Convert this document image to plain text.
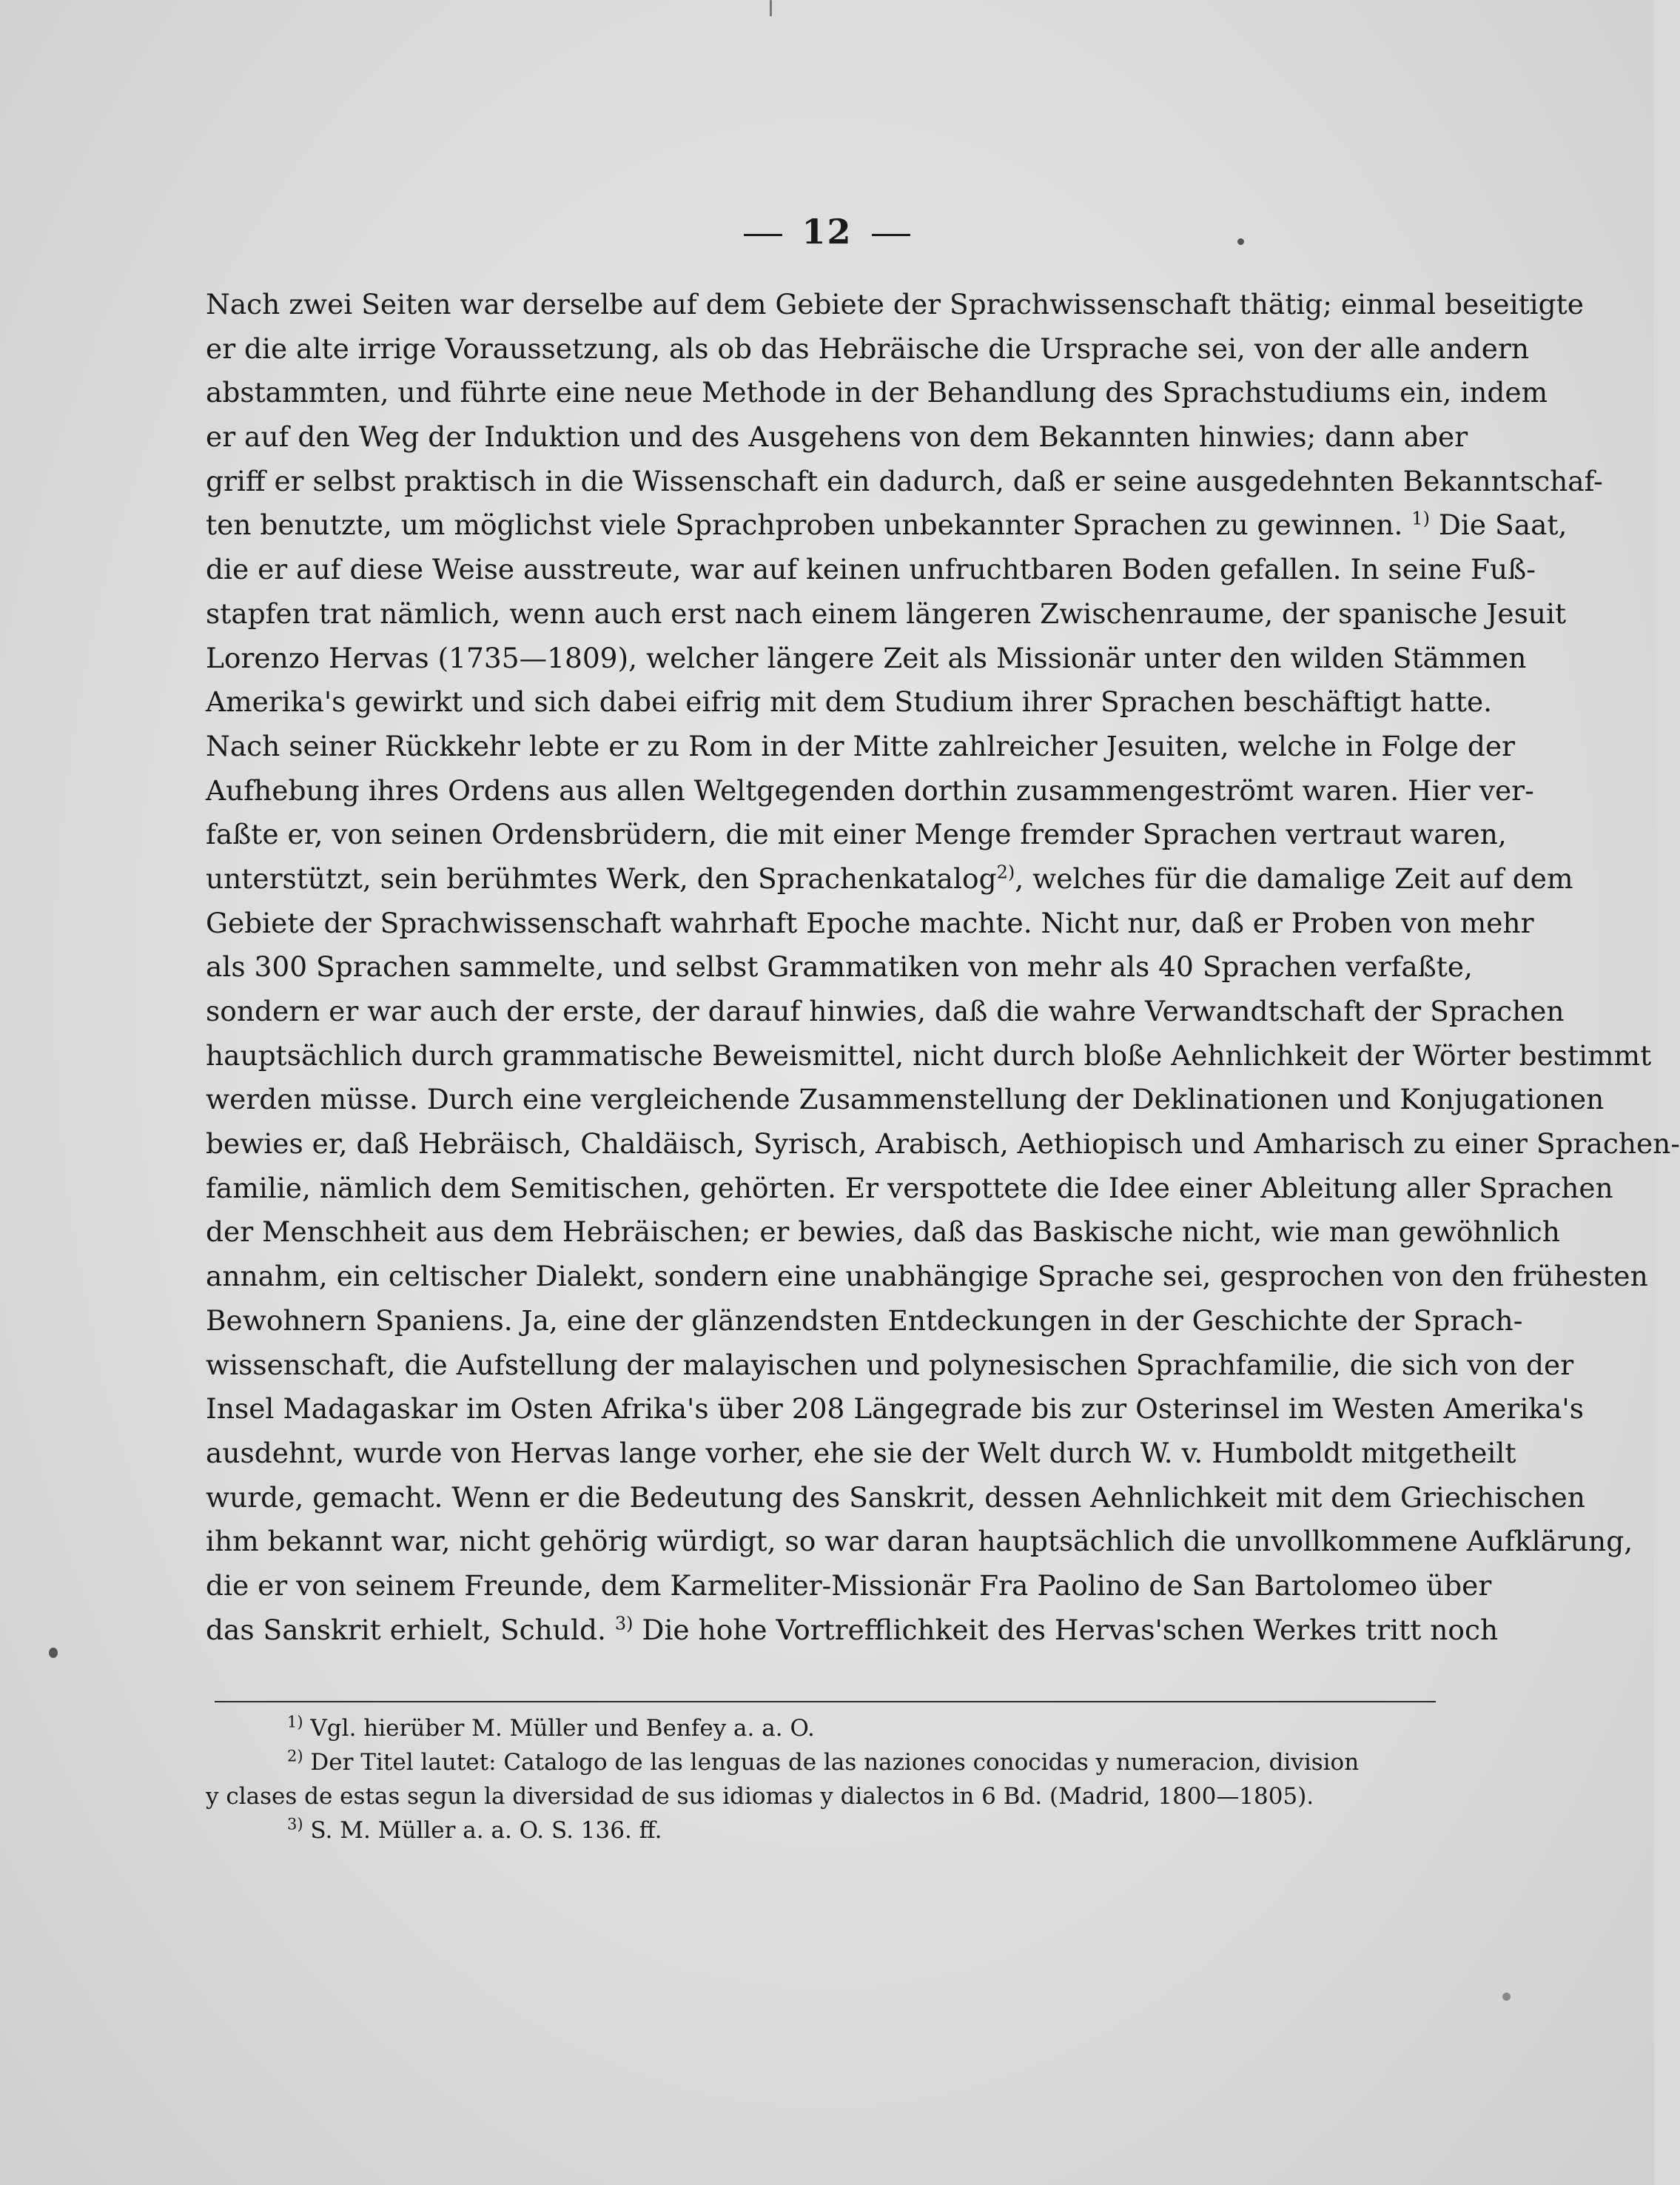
12
Nach zwei Seiten war derselbe auf dem Gebiete der Sprachwissenschaft thätig; einmal beseitigte
er die alte irrige Voraussetzung, als ob das Hebräische die Ursprache sei, von der alle andern
abstammten, und führte eine neue Methode in der Behandlung des Sprachstudiums ein, indem
er auf den Weg der Induktion und des Ausgehens von dem Bekannten hinwies; dann aber
griff er selbst praktisch in die Wissenschaft ein dadurch, daß er seine ausgedehnten Bekanntschaf-
ten benutzte, um möglichst viele Sprachproben unbekannter Sprachen zu gewinnen. $^{1)}$ Die Saat,
die er auf diese Weise ausstreute, war auf keinen unfruchtbaren Boden gefallen. In seine Fuß-
stapfen trat nämlich, wenn auch erst nach einem längeren Zwischenraume, der spanische Jesuit
Lorenzo Hervas (1735—1809), welcher längere Zeit als Missionär unter den wilden Stämmen
Amerika's gewirkt und sich dabei eifrig mit dem Studium ihrer Sprachen beschäftigt hatte.
Nach seiner Rückkehr lebte er zu Rom in der Mitte zahlreicher Jesuiten, welche in Folge der
Aufhebung ihres Ordens aus allen Weltgegenden dorthin zusammengeströmt waren. Hier ver-
faßte er, von seinen Ordensbrüdern, die mit einer Menge fremder Sprachen vertraut waren,
unterstützt, sein berühmtes Werk, den Sprachenkatalog$^{2)}$, welches für die damalige Zeit auf dem
Gebiete der Sprachwissenschaft wahrhaft Epoche machte. Nicht nur, daß er Proben von mehr
als 300 Sprachen sammelte, und selbst Grammatiken von mehr als 40 Sprachen verfaßte,
sondern er war auch der erste, der darauf hinwies, daß die wahre Verwandtschaft der Sprachen
hauptsächlich durch grammatische Beweismittel, nicht durch bloße Aehnlichkeit der Wörter bestimmt
werden müsse. Durch eine vergleichende Zusammenstellung der Deklinationen und Konjugationen
bewies er, daß Hebräisch, Chaldäisch, Syrisch, Arabisch, Aethiopisch und Amharisch zu einer Sprachen-
familie, nämlich dem Semitischen, gehörten. Er verspottete die Idee einer Ableitung aller Sprachen
der Menschheit aus dem Hebräischen; er bewies, daß das Baskische nicht, wie man gewöhnlich
annahm, ein celtischer Dialekt, sondern eine unabhängige Sprache sei, gesprochen von den frühesten
Bewohnern Spaniens. Ja, eine der glänzendsten Entdeckungen in der Geschichte der Sprach-
wissenschaft, die Aufstellung der malayischen und polynesischen Sprachfamilie, die sich von der
Insel Madagaskar im Osten Afrika's über 208 Längegrade bis zur Osterinsel im Westen Amerika's
ausdehnt, wurde von Hervas lange vorher, ehe sie der Welt durch W. v. Humboldt mitgetheilt
wurde, gemacht. Wenn er die Bedeutung des Sanskrit, dessen Aehnlichkeit mit dem Griechischen
ihm bekannt war, nicht gehörig würdigt, so war daran hauptsächlich die unvollkommene Aufklärung,
die er von seinem Freunde, dem Karmeliter-Missionär Fra Paolino de San Bartolomeo über
das Sanskrit erhielt, Schuld. $^{3)}$ Die hohe Vortrefflichkeit des Hervas'schen Werkes tritt noch
$^{1)}$ Vgl. hierüber M. Müller und Benfey a. a. O.
$^{2)}$ Der Titel lautet: Catalogo de las lenguas de las naziones conocidas y numeracion, division
y clases de estas segun la diversidad de sus idiomas y dialectos in 6 Bd. (Madrid, 1800—1805).
$^{3)}$ S. M. Müller a. a. O. S. 136. ff.
